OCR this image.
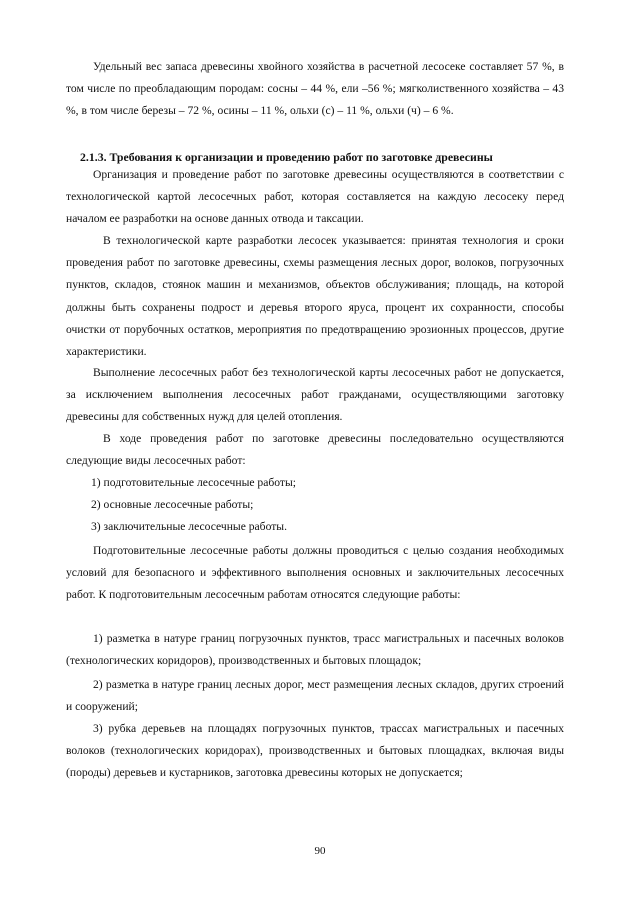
Удельный вес запаса древесины хвойного хозяйства в расчетной лесосеке составляет 57 %, в том числе по преобладающим породам: сосны – 44 %, ели –56 %; мягколиственного хозяйства – 43 %, в том числе березы – 72 %, осины – 11 %, ольхи (с) – 11 %, ольхи (ч) – 6 %.

2.1.3. Требования к организации и проведению работ по заготовке древесины

Организация и проведение работ по заготовке древесины осуществляются в соответствии с технологической картой лесосечных работ, которая составляется на каждую лесосеку перед началом ее разработки на основе данных отвода и таксации.

В технологической карте разработки лесосек указывается: принятая технология и сроки проведения работ по заготовке древесины, схемы размещения лесных дорог, волоков, погрузочных пунктов, складов, стоянок машин и механизмов, объектов обслуживания; площадь, на которой должны быть сохранены подрост и деревья второго яруса, процент их сохранности, способы очистки от порубочных остатков, мероприятия по предотвращению эрозионных процессов, другие характеристики.

Выполнение лесосечных работ без технологической карты лесосечных работ не допускается, за исключением выполнения лесосечных работ гражданами, осуществляющими заготовку древесины для собственных нужд для целей отопления.

В ходе проведения работ по заготовке древесины последовательно осуществляются следующие виды лесосечных работ:

1) подготовительные лесосечные работы;

2) основные лесосечные работы;

3) заключительные лесосечные работы.

Подготовительные лесосечные работы должны проводиться с целью создания необходимых условий для безопасного и эффективного выполнения основных и заключительных лесосечных работ. К подготовительным лесосечным работам относятся следующие работы:

1) разметка в натуре границ погрузочных пунктов, трасс магистральных и пасечных волоков (технологических коридоров), производственных и бытовых площадок;

2) разметка в натуре границ лесных дорог, мест размещения лесных складов, других строений и сооружений;

3) рубка деревьев на площадях погрузочных пунктов, трассах магистральных и пасечных волоков (технологических коридорах), производственных и бытовых площадках, включая виды (породы) деревьев и кустарников, заготовка древесины которых не допускается;

90
